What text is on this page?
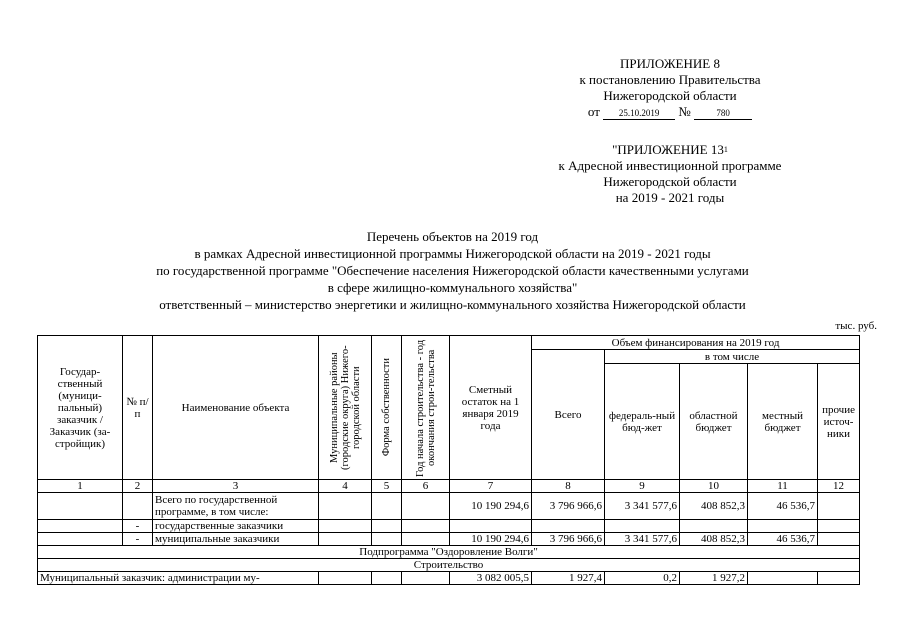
ПРИЛОЖЕНИЕ 8
к постановлению Правительства
Нижегородской области
от 25.10.2019 №	780
"ПРИЛОЖЕНИЕ $13^1$
к Адресной инвестиционной программе
Нижегородской области
на 2019 - 2021 годы
Перечень объектов на 2019 год
в рамках Адресной инвестиционной программы Нижегородской области на 2019 - 2021 годы
по государственной программе "Обеспечение населения Нижегородской области качественными услугами
в сфере жилищно-коммунального хозяйства"
ответственный – министерство энергетики и жилищно-коммунального хозяйства Нижегородской области
тыс. руб.
Государ-ственный (муници-пальный) заказчик / Заказчик (за-стройщик)	№ п/п	Наименование объекта	Муниципальные районы (городские округа) Нижего-городской области	Форма собственности	Год начала строительства - год окончания строи-тельства	Сметный остаток на 1 января 2019 года	Объем финансирования на 2019 год				
							Всего	в том числе			
								федераль-ный бюд-жет	областной бюджет	местный бюджет	прочие источ-ники
1	2	3	4	5	6	7	8	9	10	11	12
		Всего по государственной программе, в том числе:				10 190 294,6	3 796 966,6	3 341 577,6	408 852,3	46 536,7	
	-	государственные заказчики									
	-	муниципальные заказчики				10 190 294,6	3 796 966,6	3 341 577,6	408 852,3	46 536,7	
Подпрограмма "Оздоровление Волги"											
Строительство											
Муниципальный заказчик: администрации му-						3 082 005,5	1 927,4	0,2	1 927,2		
